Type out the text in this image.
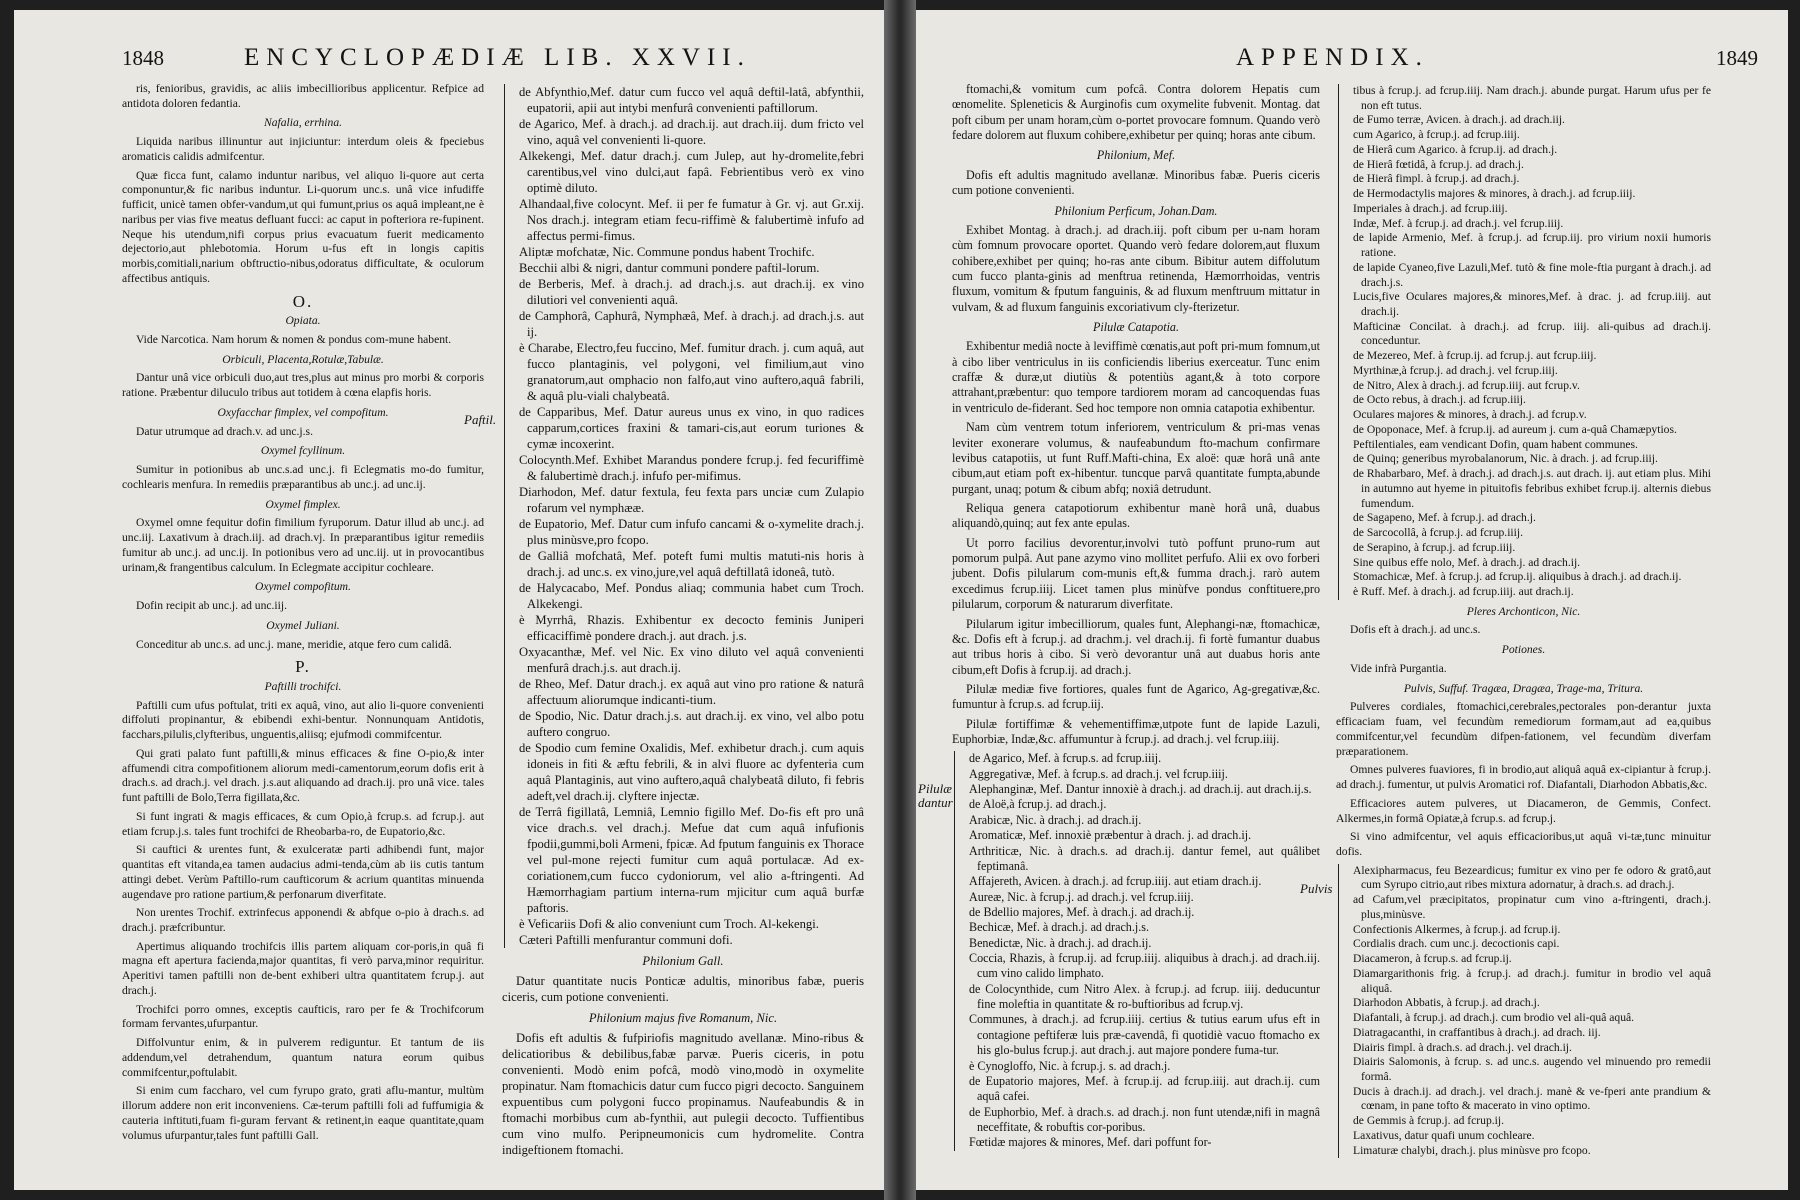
1848	ENCYCLOPÆDIÆ LIB. XXVII.

ris, fenioribus, gravidis, ac aliis imbecillioribus applicentur. Refpice ad antidota doloren fedantia.

Nafalia, errhina.

Liquida naribus illinuntur aut injiciuntur: interdum oleis & fpeciebus aromaticis calidis admifcentur.

Quæ ficca funt, calamo induntur naribus, vel aliquo li-quore aut certa componuntur,& fic naribus induntur. Li-quorum unc.s. unâ vice infudiffe fufficit, unicè tamen obfer-vandum,ut qui fumunt,prius os aquâ impleant,ne è naribus per vias five meatus defluant fucci: ac caput in pofteriora re-fupinent. Neque his utendum,nifi corpus prius evacuatum fuerit medicamento dejectorio,aut phlebotomia. Horum u-fus eft in longis capitis morbis,comitiali,narium obftructio-nibus,odoratus difficultate, & oculorum affectibus antiquis.

O.
Opiata.

Vide Narcotica. Nam horum & nomen & pondus com-mune habent.

Orbiculi, Placenta,Rotulæ,Tabulæ.

Dantur unâ vice orbiculi duo,aut tres,plus aut minus pro morbi & corporis ratione. Præbentur diluculo tribus aut totidem à cœna elapfis horis.

Oxyfacchar fimplex, vel compofitum.

Datur utrumque ad drach.v. ad unc.j.s.

Oxymel fcyllinum.

Sumitur in potionibus ab unc.s.ad unc.j. fi Eclegmatis mo-do fumitur, cochlearis menfura. In remediis præparantibus ab unc.j. ad unc.ij.

Oxymel fimplex.

Oxymel omne fequitur dofin fimilium fyruporum. Datur illud ab unc.j. ad unc.iij. Laxativum à drach.iij. ad drach.vj. In præparantibus igitur remediis fumitur ab unc.j. ad unc.ij. In potionibus vero ad unc.iij. ut in provocantibus urinam,& frangentibus calculum. In Eclegmate accipitur cochleare.

Oxymel compofitum.

Dofin recipit ab unc.j. ad unc.iij.

Oxymel Juliani.

Conceditur ab unc.s. ad unc.j. mane, meridie, atque fero cum calidâ.

P.
Paftilli trochifci.

Paftilli cum ufus poftulat, triti ex aquâ, vino, aut alio li-quore convenienti diffoluti propinantur, & ebibendi exhi-bentur. Nonnunquam Antidotis, facchars,pilulis,clyfteribus, unguentis,aliisq; ejufmodi commifcentur.

Qui grati palato funt paftilli,& minus efficaces & fine O-pio,& inter affumendi citra compofitionem aliorum medi-camentorum,eorum dofis erit à drach.s. ad drach.j. vel drach. j.s.aut aliquando ad drach.ij. pro unâ vice. tales funt paftilli de Bolo,Terra figillata,&c.

Si funt ingrati & magis efficaces, & cum Opio,à fcrup.s. ad fcrup.j. aut etiam fcrup.j.s. tales funt trochifci de Rheobarba-ro, de Eupatorio,&c.

Si cauftici & urentes funt, & exulceratæ parti adhibendi funt, major quantitas eft vitanda,ea tamen audacius admi-tenda,cùm ab iis cutis tantum attingi debet. Verùm Paftillo-rum caufticorum & acrium quantitas minuenda augendave pro ratione partium,& perfonarum diverfitate.

Non urentes Trochif. extrinfecus apponendi & abfque o-pio à drach.s. ad drach.j. præfcribuntur.

Apertimus aliquando trochifcis illis partem aliquam cor-poris,in quâ fi magna eft apertura facienda,major quantitas, fi verò parva,minor requiritur. Aperitivi tamen paftilli non de-bent exhiberi ultra quantitatem fcrup.j. aut drach.j.

Trochifci porro omnes, exceptis caufticis, raro per fe & Trochifcorum formam fervantes,ufurpantur.

Diffolvuntur enim, & in pulverem rediguntur. Et tantum de iis addendum,vel detrahendum, quantum natura eorum quibus commifcentur,poftulabit.

Si enim cum faccharo, vel cum fyrupo grato, grati aflu-mantur, multùm illorum addere non erit inconveniens. Cæ-terum paftilli foli ad fuffumigia & cauteria inftituti,fuam fi-guram fervant & retinent,in eaque quantitate,quam volumus ufurpantur,tales funt paftilli Gall.

Paftil.
de Abfynthio,Mef. datur cum fucco vel aquâ deftil-latâ, abfynthii, eupatorii, apii aut intybi menfurâ convenienti paftillorum.
de Agarico, Mef. à drach.j. ad drach.ij. aut drach.iij. dum fricto vel vino, aquâ vel convenienti li-quore.
Alkekengi, Mef. datur drach.j. cum Julep, aut hy-dromelite,febri carentibus,vel vino dulci,aut fapâ. Febrientibus verò ex vino optimè diluto.
Alhandaal,five colocynt. Mef. ii per fe fumatur à Gr. vj. aut Gr.xij. Nos drach.j. integram etiam fecu-riffimè & falubertimè infufo ad affectus permi-fimus.
Aliptæ mofchatæ, Nic. Commune pondus habent Trochifc.
Becchii albi & nigri, dantur communi pondere paftil-lorum.
de Berberis, Mef. à drach.j. ad drach.j.s. aut drach.ij. ex vino dilutiori vel convenienti aquâ.
de Camphorâ, Caphurâ, Nymphæâ, Mef. à drach.j. ad drach.j.s. aut ij.
è Charabe, Electro,feu fuccino, Mef. fumitur drach. j. cum aquâ, aut fucco plantaginis, vel polygoni, vel fimilium,aut vino granatorum,aut omphacio non falfo,aut vino auftero,aquâ fabrili, & aquâ plu-viali chalybeatâ.
de Capparibus, Mef. Datur aureus unus ex vino, in quo radices capparum,cortices fraxini & tamari-cis,aut eorum turiones & cymæ incoxerint.
Colocynth.Mef. Exhibet Marandus pondere fcrup.j. fed fecuriffimè & falubertimè drach.j. infufo per-mifimus.
Diarhodon, Mef. datur fextula, feu fexta pars unciæ cum Zulapio rofarum vel nymphææ.
de Eupatorio, Mef. Datur cum infufo cancami & o-xymelite drach.j. plus minùsve,pro fcopo.
de Galliâ mofchatâ, Mef. poteft fumi multis matuti-nis horis à drach.j. ad unc.s. ex vino,jure,vel aquâ deftillatâ idoneâ, tutò.
de Halycacabo, Mef. Pondus aliaq; communia habet cum Troch. Alkekengi.
è Myrrhâ, Rhazis. Exhibentur ex decocto feminis Juniperi efficaciffimè pondere drach.j. aut drach. j.s.
Oxyacanthæ, Mef. vel Nic. Ex vino diluto vel aquâ convenienti menfurâ drach.j.s. aut drach.ij.
de Rheo, Mef. Datur drach.j. ex aquâ aut vino pro ratione & naturâ affectuum aliorumque indicanti-tium.
de Spodio, Nic. Datur drach.j.s. aut drach.ij. ex vino, vel albo potu auftero congruo.
de Spodio cum femine Oxalidis, Mef. exhibetur drach.j. cum aquis idoneis in fiti & æftu febrili, & in alvi fluore ac dyfenteria cum aquâ Plantaginis, aut vino auftero,aquâ chalybeatâ diluto, fi febris adeft,vel drach.ij. clyftere injectæ.
de Terrâ figillatâ, Lemniâ, Lemnio figillo Mef. Do-fis eft pro unâ vice drach.s. vel drach.j. Mefue dat cum aquâ infufionis fpodii,gummi,boli Armeni, fpicæ. Ad fputum fanguinis ex Thorace vel pul-mone rejecti fumitur cum aquâ portulacæ. Ad ex-coriationem,cum fucco cydoniorum, vel alio a-ftringenti. Ad Hæmorrhagiam partium interna-rum mjicitur cum aquâ burfæ paftoris.
è Veficariis Dofi & alio conveniunt cum Troch. Al-kekengi.
Cæteri Paftilli menfurantur communi dofi.
Philonium Gall.

Datur quantitate nucis Ponticæ adultis, minoribus fabæ, pueris ciceris, cum potione convenienti.

Philonium majus five Romanum, Nic.

Dofis eft adultis & fufpiriofis magnitudo avellanæ. Mino-ribus & delicatioribus & debilibus,fabæ parvæ. Pueris ciceris, in potu convenienti. Modò enim pofcâ, modò vino,modò in oxymelite propinatur. Nam ftomachicis datur cum fucco pigri decocto. Sanguinem expuentibus cum polygoni fucco propinamus. Naufeabundis & in ftomachi morbibus cum ab-fynthii, aut pulegii decocto. Tuffientibus cum vino mulfo. Peripneumonicis cum hydromelite. Contra indigeftionem ftomachi.

APPENDIX.	1849

ftomachi,& vomitum cum pofcâ. Contra dolorem Hepatis cum œnomelite. Spleneticis & Aurginofis cum oxymelite fubvenit. Montag. dat poft cibum per unam horam,cùm o-portet provocare fomnum. Quando verò fedare dolorem aut fluxum cohibere,exhibetur per quinq; horas ante cibum.

Philonium, Mef.

Dofis eft adultis magnitudo avellanæ. Minoribus fabæ. Pueris ciceris cum potione convenienti.

Philonium Perficum, Johan.Dam.

Exhibet Montag. à drach.j. ad drach.iij. poft cibum per u-nam horam cùm fomnum provocare oportet. Quando verò fedare dolorem,aut fluxum cohibere,exhibet per quinq; ho-ras ante cibum. Bibitur autem diffolutum cum fucco planta-ginis ad menftrua retinenda, Hæmorrhoidas, ventris fluxum, vomitum & fputum fanguinis, & ad fluxum menftruum mittatur in vulvam, & ad fluxum fanguinis excoriativum cly-fterizetur.

Pilulæ Catapotia.

Exhibentur mediâ nocte à leviffimè cœnatis,aut poft pri-mum fomnum,ut à cibo liber ventriculus in iis conficiendis liberius exerceatur. Tunc enim craffæ & duræ,ut diutiùs & potentiùs agant,& à toto corpore attrahant,præbentur: quo tempore tardiorem moram ad cancoquendas fuas in ventriculo de-fiderant. Sed hoc tempore non omnia catapotia exhibentur.

Nam cùm ventrem totum inferiorem, ventriculum & pri-mas venas leviter exonerare volumus, & naufeabundum fto-machum confirmare levibus catapotiis, ut funt Ruff.Mafti-china, Ex aloë: quæ horâ unâ ante cibum,aut etiam poft ex-hibentur. tuncque parvâ quantitate fumpta,abunde purgant, unaq; potum & cibum abfq; noxiâ detrudunt.

Reliqua genera catapotiorum exhibentur manè horâ unâ, duabus aliquandò,quinq; aut fex ante epulas.

Ut porro facilius devorentur,involvi tutò poffunt pruno-rum aut pomorum pulpâ. Aut pane azymo vino mollitet perfufo. Alii ex ovo forberi jubent. Dofis pilularum com-munis eft,& fumma drach.j. rarò autem excedimus fcrup.iiij. Licet tamen plus minùfve pondus conftituere,pro pilularum, corporum & naturarum diverfitate.

Pilularum igitur imbecilliorum, quales funt, Alephangi-næ, ftomachicæ, &c. Dofis eft à fcrup.j. ad drachm.j. vel drach.ij. fi fortè fumantur duabus aut tribus horis à cibo. Si verò devorantur unâ aut duabus horis ante cibum,eft Dofis à fcrup.ij. ad drach.j.

Pilulæ mediæ five fortiores, quales funt de Agarico, Ag-gregativæ,&c. fumuntur à fcrup.s. ad fcrup.iij.

Pilulæ fortiffimæ & vehementiffimæ,utpote funt de lapide Lazuli, Euphorbiæ, Indæ,&c. affumuntur à fcrup.j. ad drach.j. vel fcrup.iiij.

Pilulæ dantur
de Agarico, Mef. à fcrup.s. ad fcrup.iiij.
Aggregativæ, Mef. à fcrup.s. ad drach.j. vel fcrup.iiij.
Alephanginæ, Mef. Dantur innoxiè à drach.j. ad drach.ij. aut drach.ij.s.
de Aloë,à fcrup.j. ad drach.j.
Arabicæ, Nic. à drach.j. ad drach.ij.
Aromaticæ, Mef. innoxiè præbentur à drach. j. ad drach.ij.
Arthriticæ, Nic. à drach.s. ad drach.ij. dantur femel, aut quâlibet feptimanâ.
Affajereth, Avicen. à drach.j. ad fcrup.iiij. aut etiam drach.ij.
Aureæ, Nic. à fcrup.j. ad drach.j. vel fcrup.iiij.
de Bdellio majores, Mef. à drach.j. ad drach.ij.
Bechicæ, Mef. à drach.j. ad drach.j.s.
Benedictæ, Nic. à drach.j. ad drach.ij.
Coccia, Rhazis, à fcrup.ij. ad fcrup.iiij. aliquibus à drach.j. ad drach.iij. cum vino calido limphato.
de Colocynthide, cum Nitro Alex. à fcrup.j. ad fcrup. iiij. deducuntur fine moleftia in quantitate & ro-buftioribus ad fcrup.vj.
Communes, à drach.j. ad fcrup.iiij. certius & tutius earum ufus eft in contagione peftiferæ luis præ-cavendâ, fi quotidiè vacuo ftomacho ex his glo-bulus fcrup.j. aut drach.j. aut majore pondere fuma-tur.
è Cynogloffo, Nic. à fcrup.j. s. ad drach.j.
de Eupatorio majores, Mef. à fcrup.ij. ad fcrup.iiij. aut drach.ij. cum aquâ cafei.
de Euphorbio, Mef. à drach.s. ad drach.j. non funt utendæ,nifi in magnâ neceffitate, & robuftis cor-poribus.
Fœtidæ majores & minores, Mef. dari poffunt for-
tibus à fcrup.j. ad fcrup.iiij. Nam drach.j. abunde purgat. Harum ufus per fe non eft tutus.
de Fumo terræ, Avicen. à drach.j. ad drach.iij.
cum Agarico, à fcrup.j. ad fcrup.iiij.
de Hierâ cum Agarico. à fcrup.ij. ad drach.j.
de Hierâ fœtidâ, à fcrup.j. ad drach.j.
de Hierâ fimpl. à fcrup.j. ad drach.j.
de Hermodactylis majores & minores, à drach.j. ad fcrup.iiij.
Imperiales à drach.j. ad fcrup.iiij.
Indæ, Mef. à fcrup.j. ad drach.j. vel fcrup.iiij.
de lapide Armenio, Mef. à fcrup.j. ad fcrup.iij. pro virium noxii humoris ratione.
de lapide Cyaneo,five Lazuli,Mef. tutò & fine mole-ftia purgant à drach.j. ad drach.j.s.
Lucis,five Oculares majores,& minores,Mef. à drac. j. ad fcrup.iiij. aut drach.ij.
Mafticinæ Concilat. à drach.j. ad fcrup. iiij. ali-quibus ad drach.ij. conceduntur.
de Mezereo, Mef. à fcrup.ij. ad fcrup.j. aut fcrup.iiij.
Myrthinæ,à fcrup.j. ad drach.j. vel fcrup.iiij.
de Nitro, Alex à drach.j. ad fcrup.iiij. aut fcrup.v.
de Octo rebus, à drach.j. ad fcrup.iiij.
Oculares majores & minores, à drach.j. ad fcrup.v.
de Opoponace, Mef. à fcrup.ij. ad aureum j. cum a-quâ Chamæpytios.
Peftilentiales, eam vendicant Dofin, quam habent communes.
de Quinq; generibus myrobalanorum, Nic. à drach. j. ad fcrup.iiij.
de Rhabarbaro, Mef. à drach.j. ad drach.j.s. aut drach. ij. aut etiam plus. Mihi in autumno aut hyeme in pituitofis febribus exhibet fcrup.ij. alternis diebus fumendum.
de Sagapeno, Mef. à fcrup.j. ad drach.j.
de Sarcocollâ, à fcrup.j. ad fcrup.iiij.
de Serapino, à fcrup.j. ad fcrup.iiij.
Sine quibus effe nolo, Mef. à drach.j. ad drach.ij.
Stomachicæ, Mef. à fcrup.j. ad fcrup.ij. aliquibus à drach.j. ad drach.ij.
è Ruff. Mef. à drach.j. ad fcrup.iiij. aut drach.ij.
Pleres Archonticon, Nic.

Dofis eft à drach.j. ad unc.s.

Potiones.

Vide infrà Purgantia.

Pulvis, Suffuf. Tragæa, Dragæa, Trage-ma, Tritura.

Pulveres cordiales, ftomachici,cerebrales,pectorales pon-derantur juxta efficaciam fuam, vel fecundùm remediorum formam,aut ad ea,quibus commifcentur,vel fecundùm difpen-fationem, vel fecundùm diverfam præparationem.

Omnes pulveres fuaviores, fi in brodio,aut aliquâ aquâ ex-cipiantur à fcrup.j. ad drach.j. fumentur, ut pulvis Aromatici rof. Diafantali, Diarhodon Abbatis,&c.

Efficaciores autem pulveres, ut Diacameron, de Gemmis, Confect. Alkermes,in formâ Opiatæ,à fcrup.s. ad fcrup.j.

Si vino admifcentur, vel aquis efficacioribus,ut aquâ vi-tæ,tunc minuitur dofis.

Pulvis
Alexipharmacus, feu Bezeardicus; fumitur ex vino per fe odoro & gratô,aut cum Syrupo citrio,aut ribes mixtura adornatur, à drach.s. ad drach.j.
ad Cafum,vel præcipitatos, propinatur cum vino a-ftringenti, drach.j. plus,minùsve.
Confectionis Alkermes, à fcrup.j. ad fcrup.ij.
Cordialis drach. cum unc.j. decoctionis capi.
Diacameron, à fcrup.s. ad fcrup.ij.
Diamargarithonis frig. à fcrup.j. ad drach.j. fumitur in brodio vel aquâ aliquâ.
Diarhodon Abbatis, à fcrup.j. ad drach.j.
Diafantali, à fcrup.j. ad drach.j. cum brodio vel ali-quâ aquâ.
Diatragacanthi, in craffantibus à drach.j. ad drach. iij.
Diairis fimpl. à drach.s. ad drach.j. vel drach.ij.
Diairis Salomonis, à fcrup. s. ad unc.s. augendo vel minuendo pro remedii formâ.
Ducis à drach.ij. ad drach.j. vel drach.j. manè & ve-fperi ante prandium & cœnam, in pane tofto & macerato in vino optimo.
de Gemmis à fcrup.j. ad fcrup.ij.
Laxativus, datur quafi unum cochleare.
Limaturæ chalybi, drach.j. plus minùsve pro fcopo.
